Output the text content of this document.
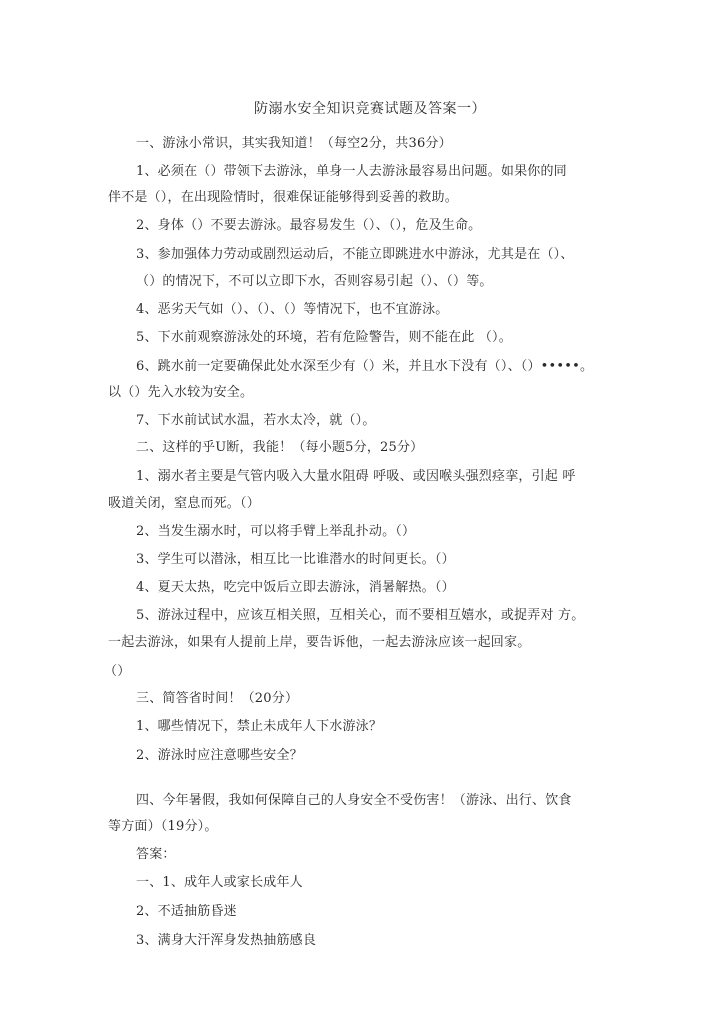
防溺水安全知识竞赛试题及答案一）
一、游泳小常识，其实我知道！（每空2分，共36分）
1、必须在（）带领下去游泳，单身一人去游泳最容易出问题。如果你的同
伴不是（），在出现险情时，很难保证能够得到妥善的救助。
2、身体（）不要去游泳。最容易发生（）、（），危及生命。
3、参加强体力劳动或剧烈运动后，不能立即跳进水中游泳，尤其是在（）、
（）的情况下，不可以立即下水，否则容易引起（）、（）等。
4、恶劣天气如（）、（）、（）等情况下，也不宜游泳。
5、下水前观察游泳处的环境，若有危险警告，则不能在此 （）。
6、跳水前一定要确保此处水深至少有（）米，并且水下没有（）、（）•••••。
以（）先入水较为安全。
7、下水前试试水温，若水太冷，就（）。
二、这样的乎U断，我能！（每小题5分，25分）
1、溺水者主要是气管内吸入大量水阻碍 呼吸、或因喉头强烈痉挛，引起 呼
吸道关闭，窒息而死。（）
2、当发生溺水时，可以将手臂上举乱扑动。（）
3、学生可以潜泳，相互比一比谁潜水的时间更长。（）
4、夏天太热，吃完中饭后立即去游泳，消暑解热。（）
5、游泳过程中，应该互相关照，互相关心，而不要相互嬉水，或捉弄对 方。
一起去游泳，如果有人提前上岸，要告诉他，一起去游泳应该一起回家。
（）
三、简答省时间！（20分）
1、哪些情况下，禁止未成年人下水游泳？
2、游泳时应注意哪些安全？
四、今年暑假，我如何保障自己的人身安全不受伤害！（游泳、出行、饮食
等方面）（19分）。
答案：
一、1、成年人或家长成年人
2、不适抽筋昏迷
3、满身大汗浑身发热抽筋感良
